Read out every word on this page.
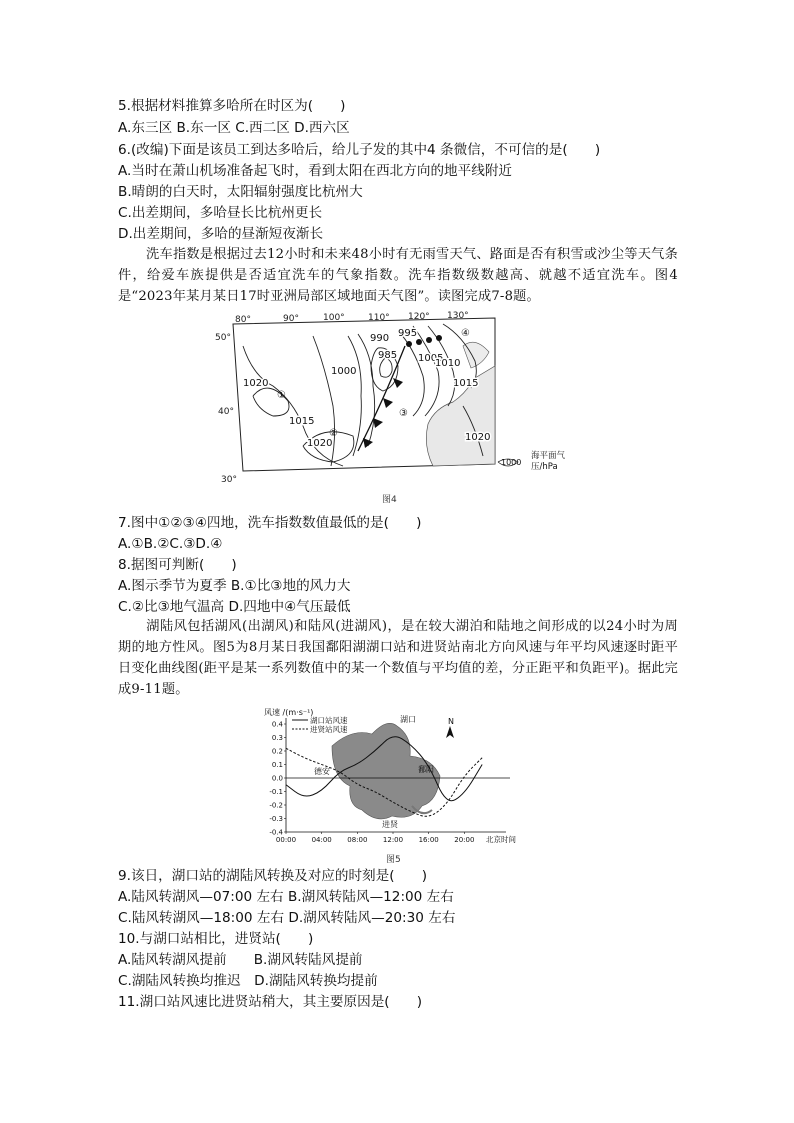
5.根据材料推算多哈所在时区为(　　)
A.东三区 B.东一区 C.西二区 D.西六区
6.(改编)下面是该员工到达多哈后，给儿子发的其中4 条微信，不可信的是(　　)
A.当时在萧山机场准备起飞时，看到太阳在西北方向的地平线附近
B.晴朗的白天时，太阳辐射强度比杭州大
C.出差期间，多哈昼长比杭州更长
D.出差期间，多哈的昼渐短夜渐长
洗车指数是根据过去12小时和未来48小时有无雨雪天气、路面是否有积雪或沙尘等天气条件，给爱车族提供是否适宜洗车的气象指数。洗车指数级数越高、就越不适宜洗车。图4是“2023年某月某日17时亚洲局部区域地面天气图”。读图完成7-8题。
80°	90°	100°	110° 120° 130°
50°
40°
30°
1020
1015
1020
1000
990
985
995
1005
1010
1015
1020
①
②
③
④
1000
海平面气
压/hPa
图4
7.图中①②③④四地，洗车指数数值最低的是(　　)
A.①B.②C.③D.④
8.据图可判断(　　)
A.图示季节为夏季 B.①比③地的风力大
C.②比③地气温高 D.四地中④气压最低
湖陆风包括湖风(出湖风)和陆风(进湖风)，是在较大湖泊和陆地之间形成的以24小时为周期的地方性风。图5为8月某日我国鄱阳湖湖口站和进贤站南北方向风速与年平均风速逐时距平日变化曲线图(距平是某一系列数值中的某一个数值与平均值的差，分正距平和负距平)。据此完成9-11题。
风速 /(m·s⁻¹)
湖口
德安	鄱阳
进贤
N
0.4
0.3
0.2
0.1
0.0
-0.1
-0.2
-0.3
-0.4
00:00 04:00 08:00 12:00 16:00 20:00
湖口站风速
进贤站风速
北京时间
图5
9.该日，湖口站的湖陆风转换及对应的时刻是(　　)
A.陆风转湖风—07:00 左右 B.湖风转陆风—12:00 左右
C.陆风转湖风—18:00 左右 D.湖风转陆风—20:30 左右
10.与湖口站相比，进贤站(　　)
A.陆风转湖风提前　　B.湖风转陆风提前
C.湖陆风转换均推迟　D.湖陆风转换均提前
11.湖口站风速比进贤站稍大，其主要原因是(　　)
